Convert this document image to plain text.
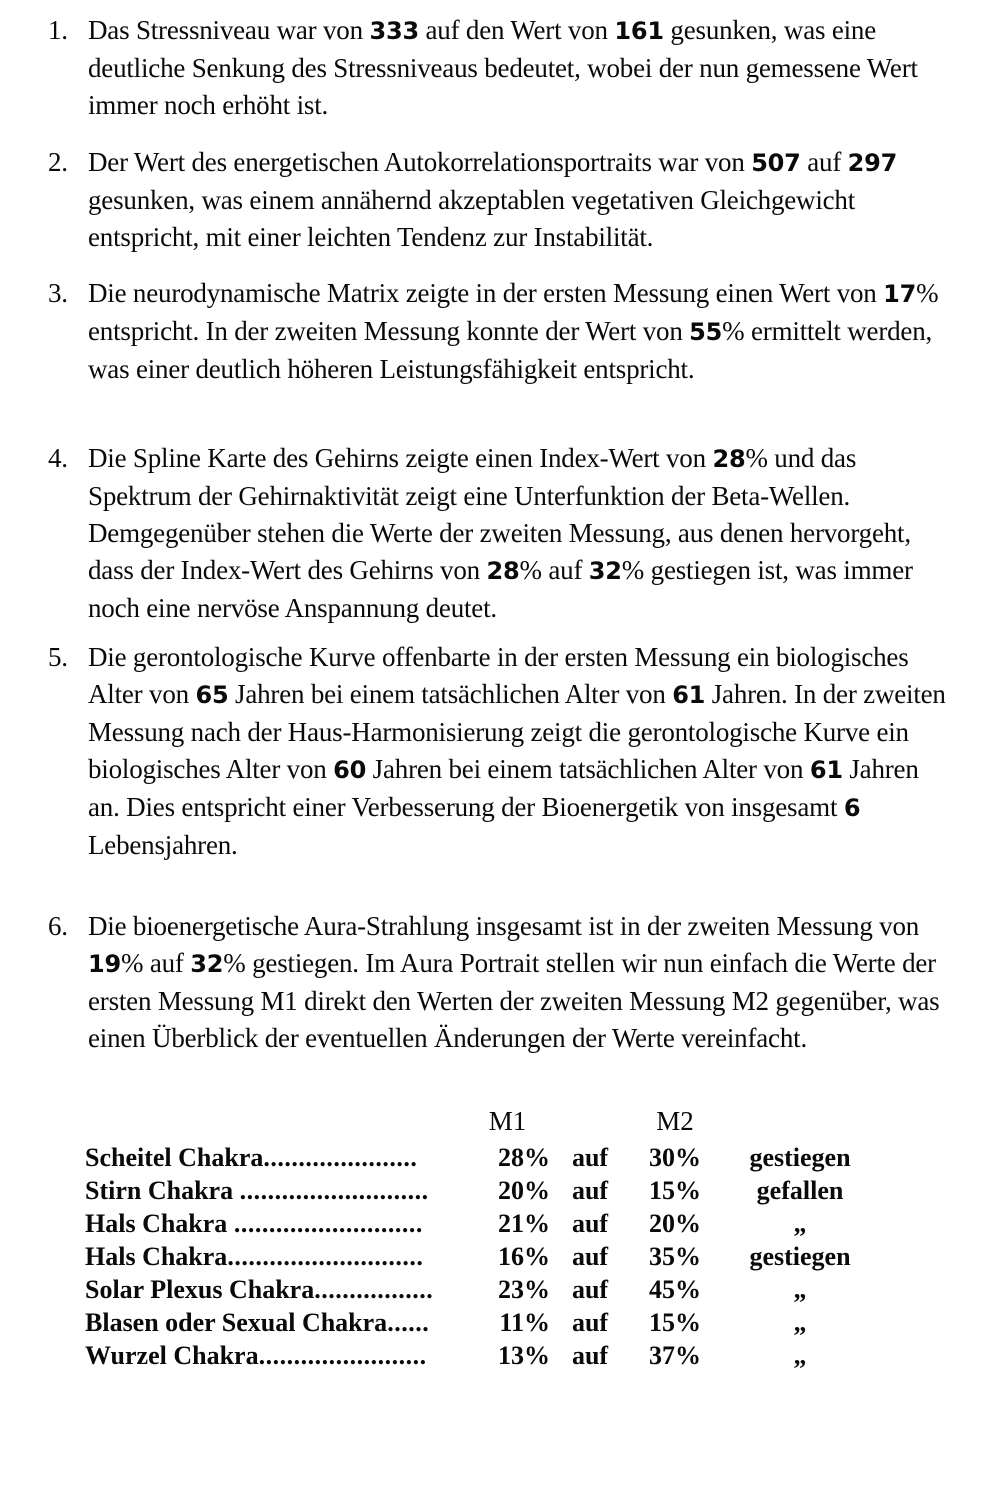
1. Das Stressniveau war von 333 auf den Wert von 161 gesunken, was eine deutliche Senkung des Stressniveaus bedeutet, wobei der nun gemessene Wert immer noch erhöht ist.
2. Der Wert des energetischen Autokorrelationsportraits war von 507 auf 297 gesunken, was einem annähernd akzeptablen vegetativen Gleichgewicht entspricht, mit einer leichten Tendenz zur Instabilität.
3. Die neurodynamische Matrix zeigte in der ersten Messung einen Wert von 17% entspricht. In der zweiten Messung konnte der Wert von 55% ermittelt werden, was einer deutlich höheren Leistungsfähigkeit entspricht.
4. Die Spline Karte des Gehirns zeigte einen Index-Wert von 28% und das Spektrum der Gehirnaktivität zeigt eine Unterfunktion der Beta-Wellen. Demgegenüber stehen die Werte der zweiten Messung, aus denen hervorgeht, dass der Index-Wert des Gehirns von 28% auf 32% gestiegen ist, was immer noch eine nervöse Anspannung deutet.
5. Die gerontologische Kurve offenbarte in der ersten Messung ein biologisches Alter von 65 Jahren bei einem tatsächlichen Alter von 61 Jahren. In der zweiten Messung nach der Haus-Harmonisierung zeigt die gerontologische Kurve ein biologisches Alter von 60 Jahren bei einem tatsächlichen Alter von 61 Jahren an. Dies entspricht einer Verbesserung der Bioenergetik von insgesamt 6 Lebensjahren.
6. Die bioenergetische Aura-Strahlung insgesamt ist in der zweiten Messung von 19% auf 32% gestiegen. Im Aura Portrait stellen wir nun einfach die Werte der ersten Messung M1 direkt den Werten der zweiten Messung M2 gegenüber, was einen Überblick der eventuellen Änderungen der Werte vereinfacht.
	M1		M2	
Scheitel Chakra......................	28%	auf	30%	gestiegen
Stirn Chakra ...........................	20%	auf	15%	gefallen
Hals Chakra ...........................	21%	auf	20%	„
Hals Chakra............................	16%	auf	35%	gestiegen
Solar Plexus Chakra.................	23%	auf	45%	„
Blasen oder Sexual Chakra......	11%	auf	15%	„
Wurzel Chakra........................	13%	auf	37%	„
